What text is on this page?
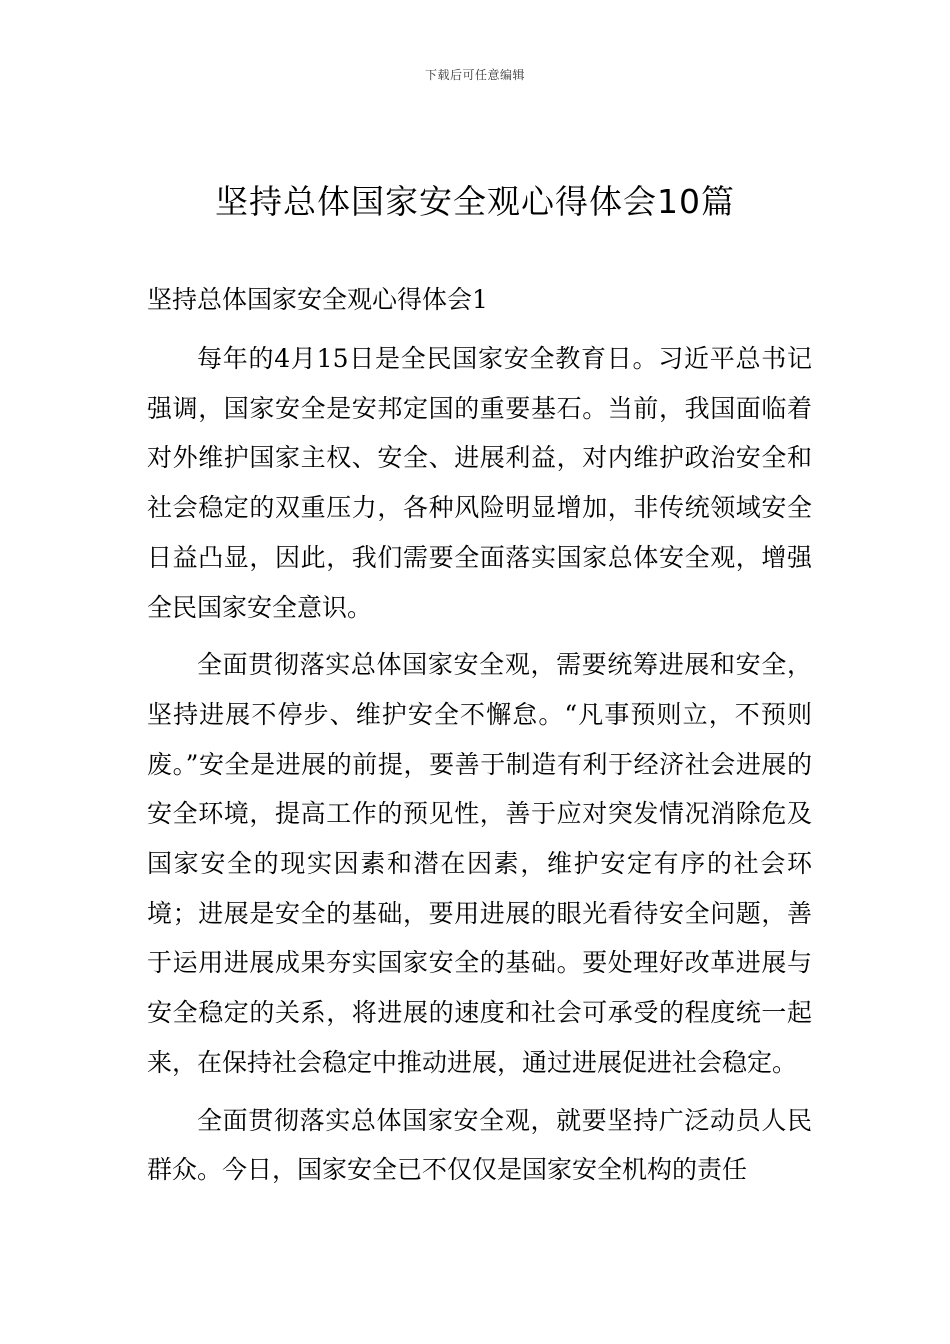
下载后可任意编辑
坚持总体国家安全观心得体会10篇

坚持总体国家安全观心得体会1

每年的4月15日是全民国家安全教育日。习近平总书记强调，国家安全是安邦定国的重要基石。当前，我国面临着对外维护国家主权、安全、进展利益，对内维护政治安全和社会稳定的双重压力，各种风险明显增加，非传统领域安全日益凸显，因此，我们需要全面落实国家总体安全观，增强全民国家安全意识。

全面贯彻落实总体国家安全观，需要统筹进展和安全，坚持进展不停步、维护安全不懈怠。“凡事预则立，不预则废。”安全是进展的前提，要善于制造有利于经济社会进展的安全环境，提高工作的预见性，善于应对突发情况消除危及国家安全的现实因素和潜在因素，维护安定有序的社会环境；进展是安全的基础，要用进展的眼光看待安全问题，善于运用进展成果夯实国家安全的基础。要处理好改革进展与安全稳定的关系，将进展的速度和社会可承受的程度统一起来，在保持社会稳定中推动进展，通过进展促进社会稳定。

全面贯彻落实总体国家安全观，就要坚持广泛动员人民群众。今日，国家安全已不仅仅是国家安全机构的责任
